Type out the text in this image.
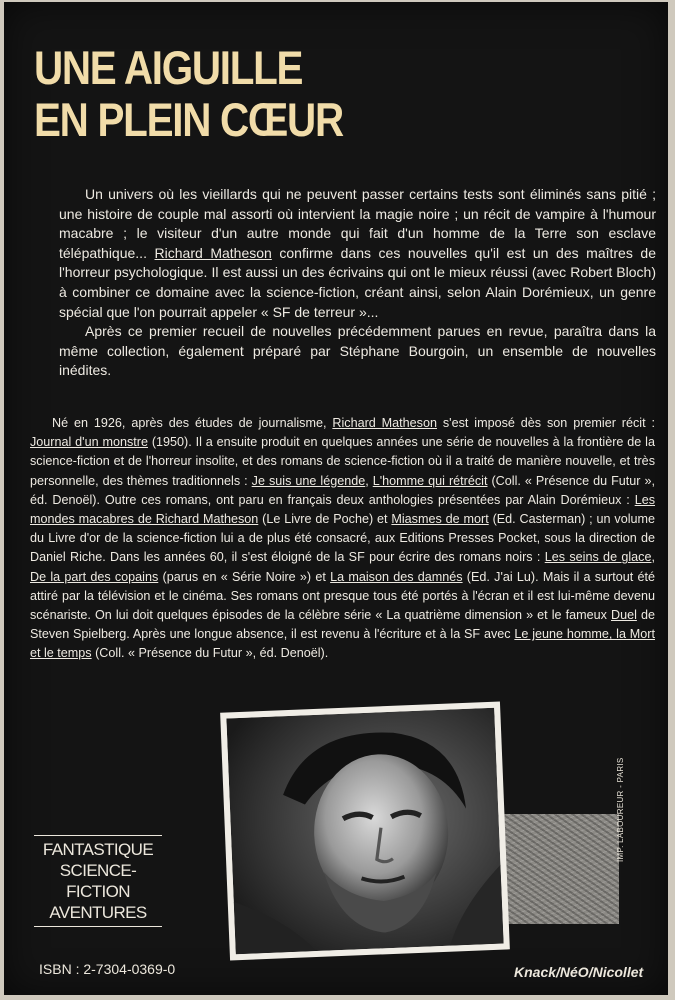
UNE AIGUILLE
EN PLEIN CŒUR

Un univers où les vieillards qui ne peuvent passer certains tests sont éliminés sans pitié ; une histoire de couple mal assorti où intervient la magie noire ; un récit de vampire à l'humour macabre ; le visiteur d'un autre monde qui fait d'un homme de la Terre son esclave télépathique... Richard Matheson confirme dans ces nouvelles qu'il est un des maîtres de l'horreur psychologique. Il est aussi un des écrivains qui ont le mieux réussi (avec Robert Bloch) à combiner ce domaine avec la science-fiction, créant ainsi, selon Alain Dorémieux, un genre spécial que l'on pourrait appeler « SF de terreur »...

Après ce premier recueil de nouvelles précédemment parues en revue, paraîtra dans la même collection, également préparé par Stéphane Bourgoin, un ensemble de nouvelles inédites.

Né en 1926, après des études de journalisme, Richard Matheson s'est imposé dès son premier récit : Journal d'un monstre (1950). Il a ensuite produit en quelques années une série de nouvelles à la frontière de la science-fiction et de l'horreur insolite, et des romans de science-fiction où il a traité de manière nouvelle, et très personnelle, des thèmes traditionnels : Je suis une légende, L'homme qui rétrécit (Coll. « Présence du Futur », éd. Denoël). Outre ces romans, ont paru en français deux anthologies présentées par Alain Dorémieux : Les mondes macabres de Richard Matheson (Le Livre de Poche) et Miasmes de mort (Ed. Casterman) ; un volume du Livre d'or de la science-fiction lui a de plus été consacré, aux Editions Presses Pocket, sous la direction de Daniel Riche. Dans les années 60, il s'est éloigné de la SF pour écrire des romans noirs : Les seins de glace, De la part des copains (parus en « Série Noire ») et La maison des damnés (Ed. J'ai Lu). Mais il a surtout été attiré par la télévision et le cinéma. Ses romans ont presque tous été portés à l'écran et il est lui-même devenu scénariste. On lui doit quelques épisodes de la célèbre série « La quatrième dimension » et le fameux Duel de Steven Spielberg. Après une longue absence, il est revenu à l'écriture et à la SF avec Le jeune homme, la Mort et le temps (Coll. « Présence du Futur », éd. Denoël).

FANTASTIQUE
SCIENCE-FICTION
AVENTURES
IMP. LABOUREUR - PARIS
ISBN : 2-7304-0369-0	Knack/NéO/Nicollet
